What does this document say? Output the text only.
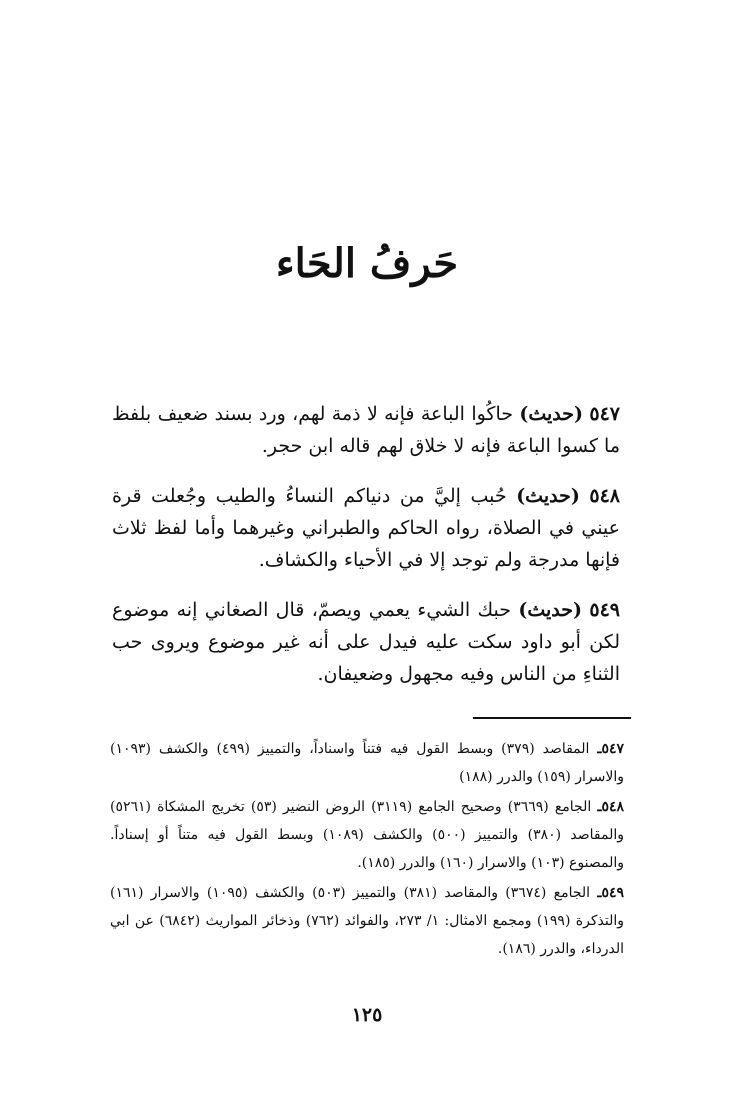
حَرفُ الحَاء

٥٤٧ (حديث) حاكُوا الباعة فإنه لا ذمة لهم، ورد بسند ضعيف بلفظ ما كسوا الباعة فإنه لا خلاق لهم قاله ابن حجر.

٥٤٨ (حديث) حُبب إليَّ من دنياكم النساءُ والطيب وجُعلت قرة عيني في الصلاة، رواه الحاكم والطبراني وغيرهما وأما لفظ ثلاث فإنها مدرجة ولم توجد إلا في الأحياء والكشاف.

٥٤٩ (حديث) حبك الشيء يعمي ويصمّ، قال الصغاني إنه موضوع لكن أبو داود سكت عليه فيدل على أنه غير موضوع ويروى حب الثناءِ من الناس وفيه مجهول وضعيفان.

٥٤٧ـ المقاصد (٣٧٩) وبسط القول فيه فتناً واسناداً، والتمييز (٤٩٩) والكشف (١٠٩٣) والاسرار (١٥٩) والدرر (١٨٨)

٥٤٨ـ الجامع (٣٦٦٩) وصحيح الجامع (٣١١٩) الروض النضير (٥٣) تخريج المشكاة (٥٢٦١) والمقاصد (٣٨٠) والتمييز (٥٠٠) والكشف (١٠٨٩) وبسط القول فيه متناً أو إسناداً. والمصنوع (١٠٣) والاسرار (١٦٠) والدرر (١٨٥).

٥٤٩ـ الجامع (٣٦٧٤) والمقاصد (٣٨١) والتمييز (٥٠٣) والكشف (١٠٩٥) والاسرار (١٦١) والتذكرة (١٩٩) ومجمع الامثال: ١/ ٢٧٣، والفوائد (٧٦٢) وذخائر المواريث (٦٨٤٢) عن ابي الدرداء، والدرر (١٨٦).

١٢٥
